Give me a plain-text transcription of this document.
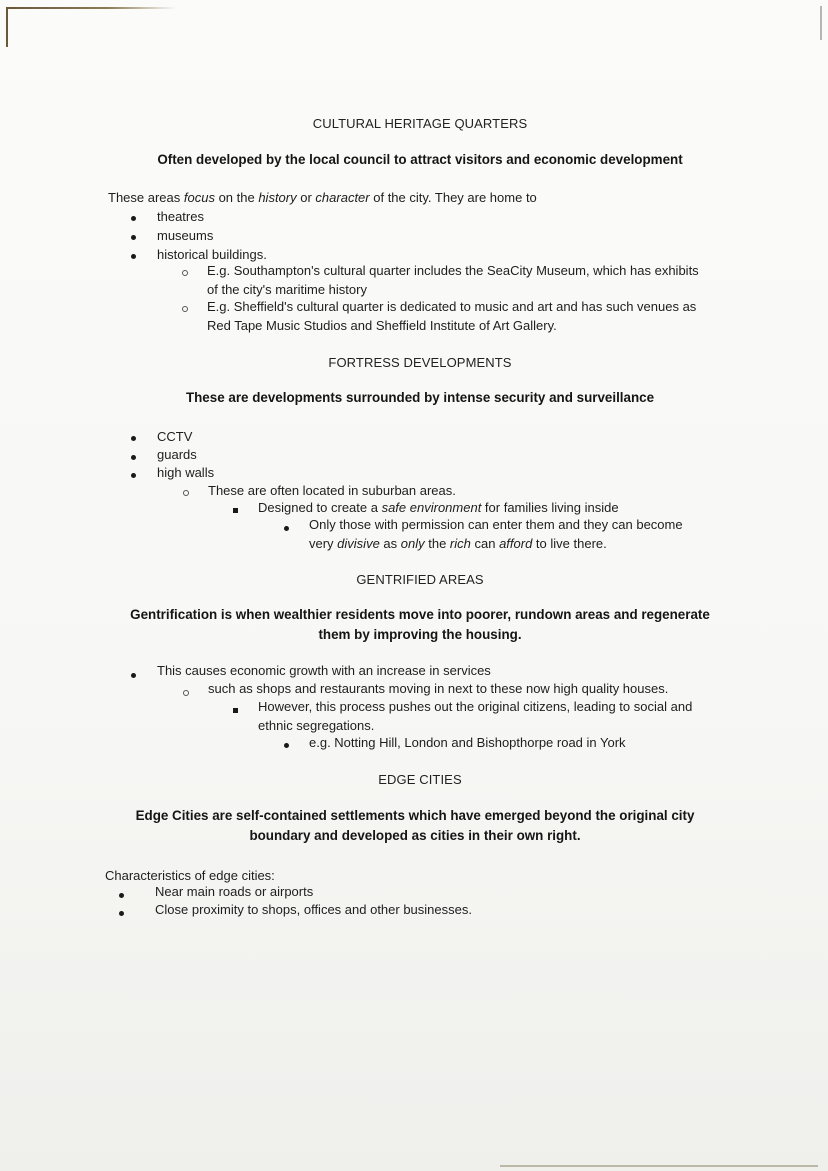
CULTURAL HERITAGE QUARTERS
Often developed by the local council to attract visitors and economic development
These areas focus on the history or character of the city. They are home to
theatres
museums
historical buildings.
E.g. Southampton's cultural quarter includes the SeaCity Museum, which has exhibits
of the city's maritime history
E.g. Sheffield's cultural quarter is dedicated to music and art and has such venues as
Red Tape Music Studios and Sheffield Institute of Art Gallery.
FORTRESS DEVELOPMENTS
These are developments surrounded by intense security and surveillance
CCTV
guards
high walls
These are often located in suburban areas.
Designed to create a safe environment for families living inside
Only those with permission can enter them and they can become
very divisive as only the rich can afford to live there.
GENTRIFIED AREAS
Gentrification is when wealthier residents move into poorer, rundown areas and regenerate
them by improving the housing.
This causes economic growth with an increase in services
such as shops and restaurants moving in next to these now high quality houses.
However, this process pushes out the original citizens, leading to social and
ethnic segregations.
e.g. Notting Hill, London and Bishopthorpe road in York
EDGE CITIES
Edge Cities are self-contained settlements which have emerged beyond the original city
boundary and developed as cities in their own right.
Characteristics of edge cities:
Near main roads or airports
Close proximity to shops, offices and other businesses.
